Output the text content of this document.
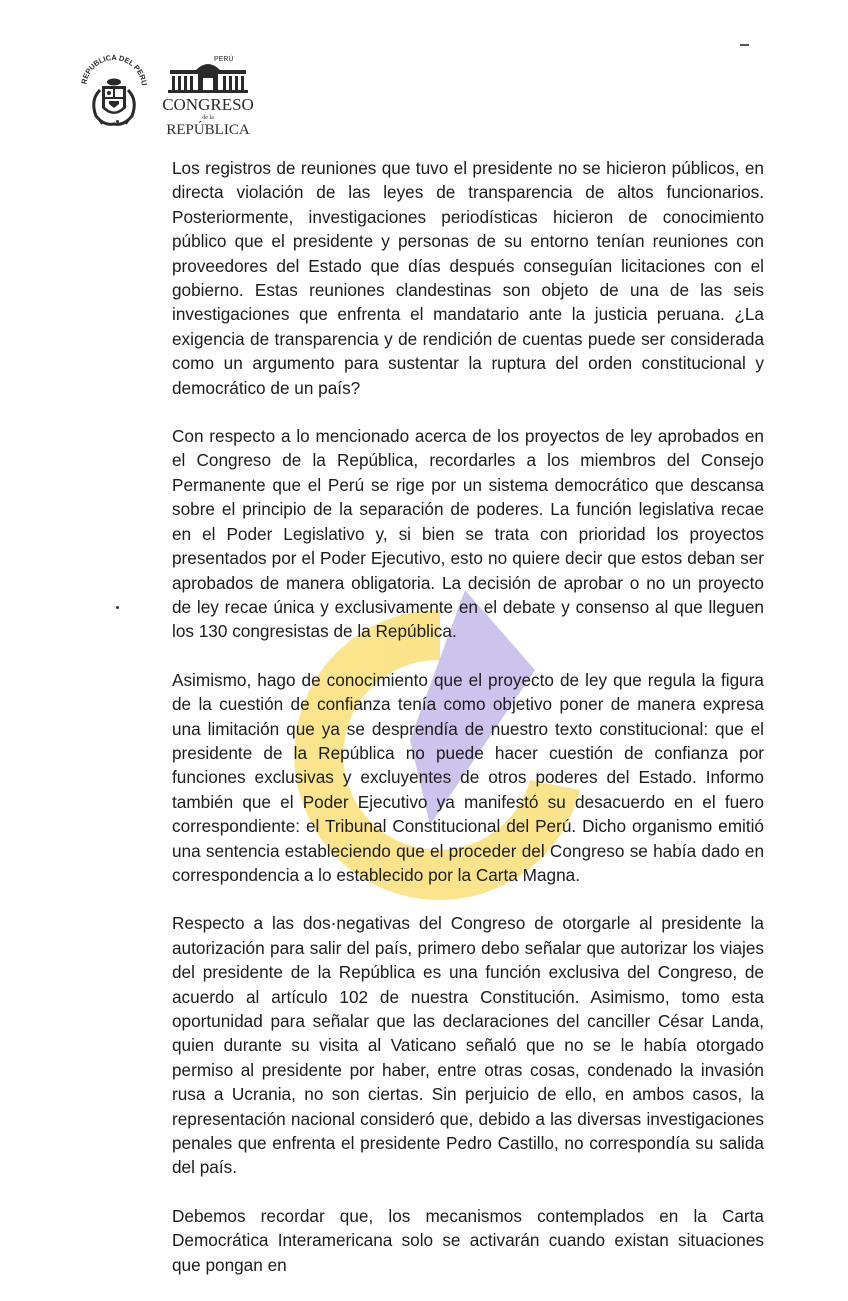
REPUBLICA DEL PERU
PERÚ
CONGRESO
de la
REPÚBLICA

Los registros de reuniones que tuvo el presidente no se hicieron públicos, en directa violación de las leyes de transparencia de altos funcionarios. Posteriormente, investigaciones periodísticas hicieron de conocimiento público que el presidente y personas de su entorno tenían reuniones con proveedores del Estado que días después conseguían licitaciones con el gobierno. Estas reuniones clandestinas son objeto de una de las seis investigaciones que enfrenta el mandatario ante la justicia peruana. ¿La exigencia de transparencia y de rendición de cuentas puede ser considerada como un argumento para sustentar la ruptura del orden constitucional y democrático de un país?

Con respecto a lo mencionado acerca de los proyectos de ley aprobados en el Congreso de la República, recordarles a los miembros del Consejo Permanente que el Perú se rige por un sistema democrático que descansa sobre el principio de la separación de poderes. La función legislativa recae en el Poder Legislativo y, si bien se trata con prioridad los proyectos presentados por el Poder Ejecutivo, esto no quiere decir que estos deban ser aprobados de manera obligatoria. La decisión de aprobar o no un proyecto de ley recae única y exclusivamente en el debate y consenso al que lleguen los 130 congresistas de la República.

Asimismo, hago de conocimiento que el proyecto de ley que regula la figura de la cuestión de confianza tenía como objetivo poner de manera expresa una limitación que ya se desprendía de nuestro texto constitucional: que el presidente de la República no puede hacer cuestión de confianza por funciones exclusivas y excluyentes de otros poderes del Estado. Informo también que el Poder Ejecutivo ya manifestó su desacuerdo en el fuero correspondiente: el Tribunal Constitucional del Perú. Dicho organismo emitió una sentencia estableciendo que el proceder del Congreso se había dado en correspondencia a lo establecido por la Carta Magna.

Respecto a las dos·negativas del Congreso de otorgarle al presidente la autorización para salir del país, primero debo señalar que autorizar los viajes del presidente de la República es una función exclusiva del Congreso, de acuerdo al artículo 102 de nuestra Constitución. Asimismo, tomo esta oportunidad para señalar que las declaraciones del canciller César Landa, quien durante su visita al Vaticano señaló que no se le había otorgado permiso al presidente por haber, entre otras cosas, condenado la invasión rusa a Ucrania, no son ciertas. Sin perjuicio de ello, en ambos casos, la representación nacional consideró que, debido a las diversas investigaciones penales que enfrenta el presidente Pedro Castillo, no correspondía su salida del país.

Debemos recordar que, los mecanismos contemplados en la Carta Democrática Interamericana solo se activarán cuando existan situaciones que pongan en
